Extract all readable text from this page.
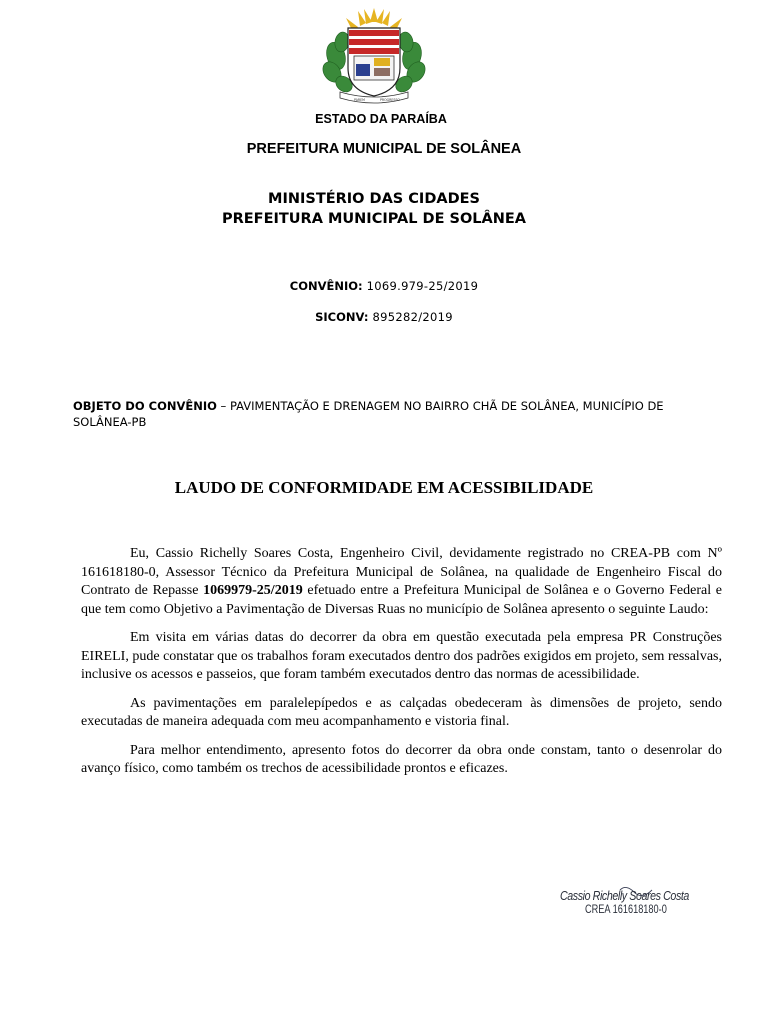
PAREM	PROGRESSO
ESTADO DA PARAÍBA
PREFEITURA MUNICIPAL DE SOLÂNEA
MINISTÉRIO DAS CIDADES
PREFEITURA MUNICIPAL DE SOLÂNEA
CONVÊNIO: 1069.979-25/2019
SICONV: 895282/2019
OBJETO DO CONVÊNIO – PAVIMENTAÇÃO E DRENAGEM NO BAIRRO CHÃ DE SOLÂNEA, MUNICÍPIO DE SOLÂNEA-PB
LAUDO DE CONFORMIDADE EM ACESSIBILIDADE

Eu, Cassio Richelly Soares Costa, Engenheiro Civil, devidamente registrado no CREA-PB com Nº 161618180-0, Assessor Técnico da Prefeitura Municipal de Solânea, na qualidade de Engenheiro Fiscal do Contrato de Repasse 1069979-25/2019 efetuado entre a Prefeitura Municipal de Solânea e o Governo Federal e que tem como Objetivo a Pavimentação de Diversas Ruas no município de Solânea apresento o seguinte Laudo:

Em visita em várias datas do decorrer da obra em questão executada pela empresa PR Construções EIRELI, pude constatar que os trabalhos foram executados dentro dos padrões exigidos em projeto, sem ressalvas, inclusive os acessos e passeios, que foram também executados dentro das normas de acessibilidade.

As pavimentações em paralelepípedos e as calçadas obedeceram às dimensões de projeto, sendo executadas de maneira adequada com meu acompanhamento e vistoria final.

Para melhor entendimento, apresento fotos do decorrer da obra onde constam, tanto o desenrolar do avanço físico, como também os trechos de acessibilidade prontos e eficazes.

Cassio Richelly Soares Costa
CREA 161618180-0
